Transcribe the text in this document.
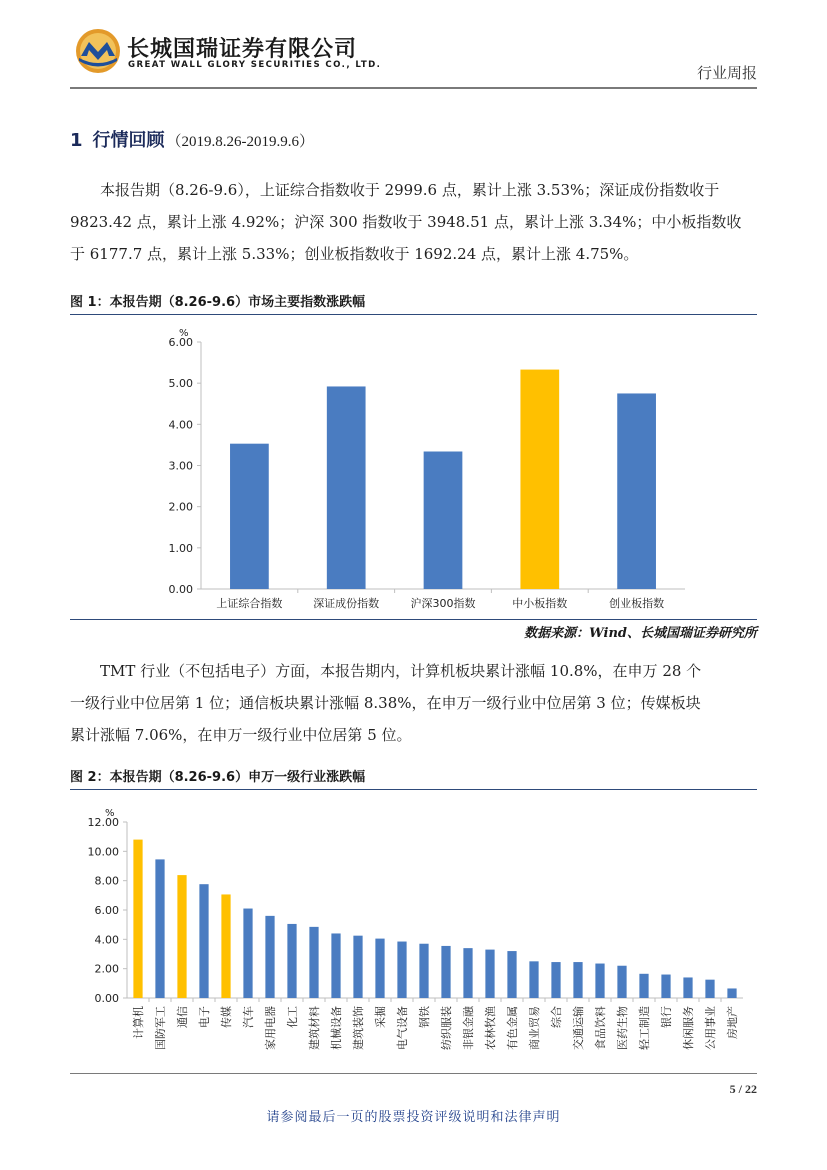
长城国瑞证券有限公司
GREAT WALL GLORY SECURITIES CO., LTD.	行业周报
1 行情回顾 （2019.8.26-2019.9.6）
本报告期（8.26-9.6），上证综合指数收于 2999.6 点，累计上涨 3.53%；深证成份指数收于
9823.42 点，累计上涨 4.92%；沪深 300 指数收于 3948.51 点，累计上涨 3.34%；中小板指数收
于 6177.7 点，累计上涨 5.33%；创业板指数收于 1692.24 点，累计上涨 4.75%。
图 1：本报告期（8.26-9.6）市场主要指数涨跌幅
%
0.00
1.00
2.00
3.00
4.00
5.00
6.00
上证综合指数	深证成份指数	沪深300指数	中小板指数	创业板指数
数据来源：Wind、长城国瑞证券研究所
TMT 行业（不包括电子）方面，本报告期内，计算机板块累计涨幅 10.8%，在申万 28 个
一级行业中位居第 1 位；通信板块累计涨幅 8.38%，在申万一级行业中位居第 3 位；传媒板块
累计涨幅 7.06%，在申万一级行业中位居第 5 位。
图 2：本报告期（8.26-9.6）申万一级行业涨跌幅
%
0.00
2.00
4.00
6.00
8.00
10.00
12.00
计算机 国防军工 通信 电子 传媒 汽车 家用电器 化工 建筑材料 机械设备 建筑装饰 采掘 电气设备 钢铁 纺织服装 非银金融 农林牧渔 有色金属 商业贸易 综合 交通运输 食品饮料 医药生物 轻工制造 银行 休闲服务 公用事业 房地产
5 / 22
请参阅最后一页的股票投资评级说明和法律声明
